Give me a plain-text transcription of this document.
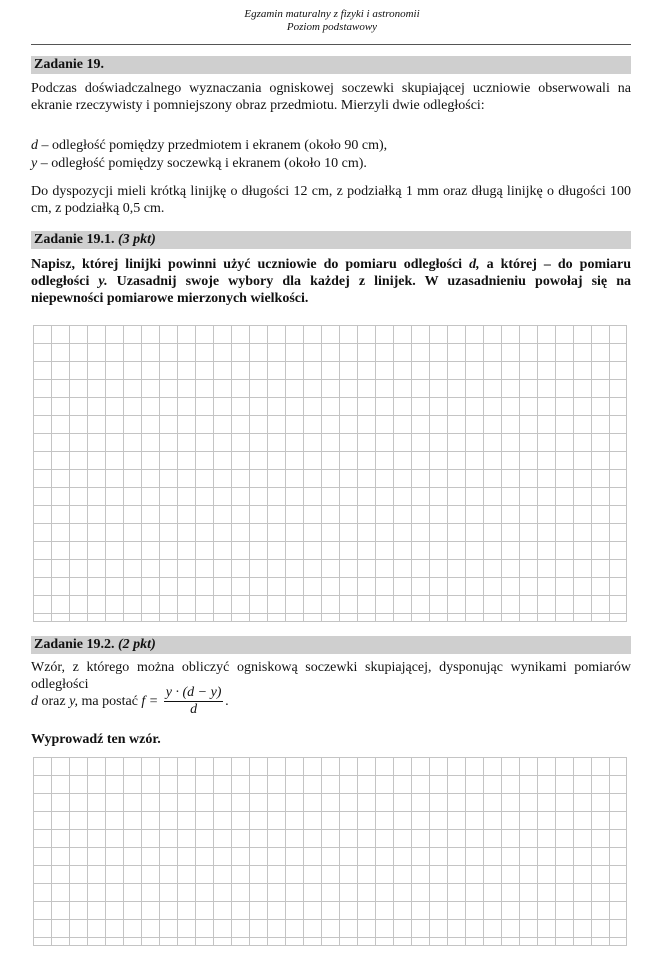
Egzamin maturalny z fizyki i astronomii
Poziom podstawowy
Zadanie 19.
Podczas doświadczalnego wyznaczania ogniskowej soczewki skupiającej uczniowie obserwowali na ekranie rzeczywisty i pomniejszony obraz przedmiotu. Mierzyli dwie odległości:
d – odległość pomiędzy przedmiotem i ekranem (około 90 cm),
y – odległość pomiędzy soczewką i ekranem (około 10 cm).
Do dyspozycji mieli krótką linijkę o długości 12 cm, z podziałką 1 mm oraz długą linijkę o długości 100 cm, z podziałką 0,5 cm.
Zadanie 19.1. (3 pkt)
Napisz, której linijki powinni użyć uczniowie do pomiaru odległości d, a której – do pomiaru odległości y. Uzasadnij swoje wybory dla każdej z linijek. W uzasadnieniu powołaj się na niepewności pomiarowe mierzonych wielkości.
Zadanie 19.2. (2 pkt)
Wzór, z którego można obliczyć ogniskową soczewki skupiającej, dysponując wynikami pomiarów odległości
d oraz y, ma postać $f = \frac{y \cdot (d - y)}{d}$ .
Wyprowadź ten wzór.
